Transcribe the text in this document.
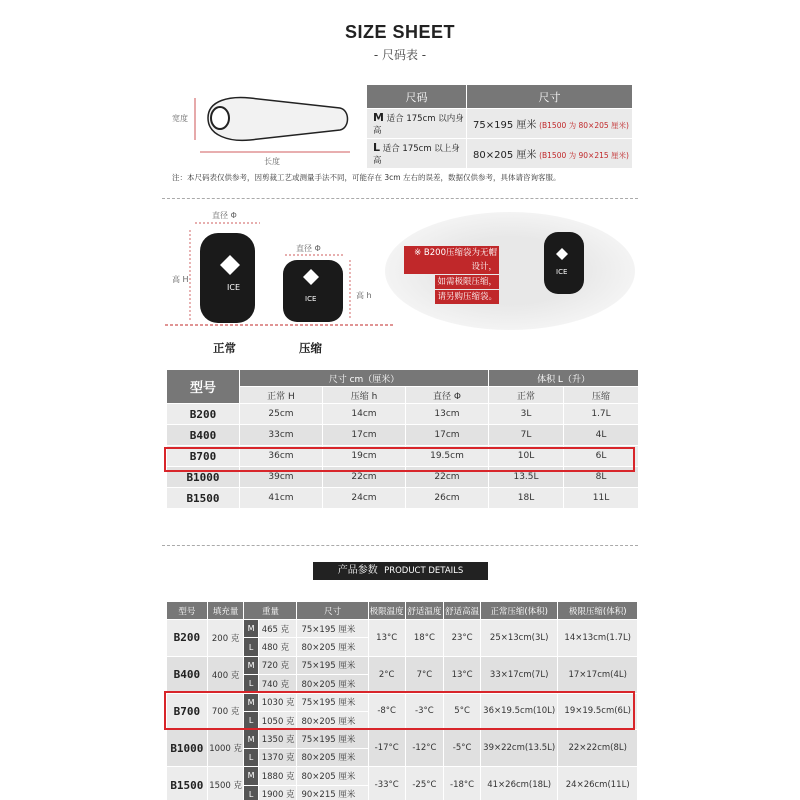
SIZE SHEET
- 尺码表 -
宽度
长度
尺码	尺寸
M 适合 175cm 以内身高	75×195 厘米 (B1500 为 80×205 厘米)
L 适合 175cm 以上身高	80×205 厘米 (B1500 为 90×215 厘米)
注：本尺码表仅供参考，因剪裁工艺或测量手法不同，可能存在 3cm 左右的误差，数据仅供参考，具体请咨询客服。
直径 Φ
直径 Φ
高 H
高 h
ICE
ICE
正常	压缩
※ B200压缩袋为无帽设计，
如需极限压缩， 请另购压缩袋。
ICE
型号	尺寸 cm（厘米）			体积 L（升）	
	正常 H	压缩 h	直径 Φ	正常	压缩
B200	25cm	14cm	13cm	3L	1.7L
B400	33cm	17cm	17cm	7L	4L
B700	36cm	19cm	19.5cm	10L	6L
B1000	39cm	22cm	22cm	13.5L	8L
B1500	41cm	24cm	26cm	18L	11L
产品参数 PRODUCT DETAILS
型号	填充量	重量		尺寸	极限温度	舒适温度	舒适高温	正常压缩(体积)	极限压缩(体积)
B200	200 克	M	465 克	75×195 厘米	13°C	18°C	23°C	25×13cm(3L)	14×13cm(1.7L)
		L	480 克	80×205 厘米					
B400	400 克	M	720 克	75×195 厘米	2°C	7°C	13°C	33×17cm(7L)	17×17cm(4L)
		L	740 克	80×205 厘米					
B700	700 克	M	1030 克	75×195 厘米	-8°C	-3°C	5°C	36×19.5cm(10L)	19×19.5cm(6L)
		L	1050 克	80×205 厘米					
B1000	1000 克	M	1350 克	75×195 厘米	-17°C	-12°C	-5°C	39×22cm(13.5L)	22×22cm(8L)
		L	1370 克	80×205 厘米					
B1500	1500 克	M	1880 克	80×205 厘米	-33°C	-25°C	-18°C	41×26cm(18L)	24×26cm(11L)
		L	1900 克	90×215 厘米					
